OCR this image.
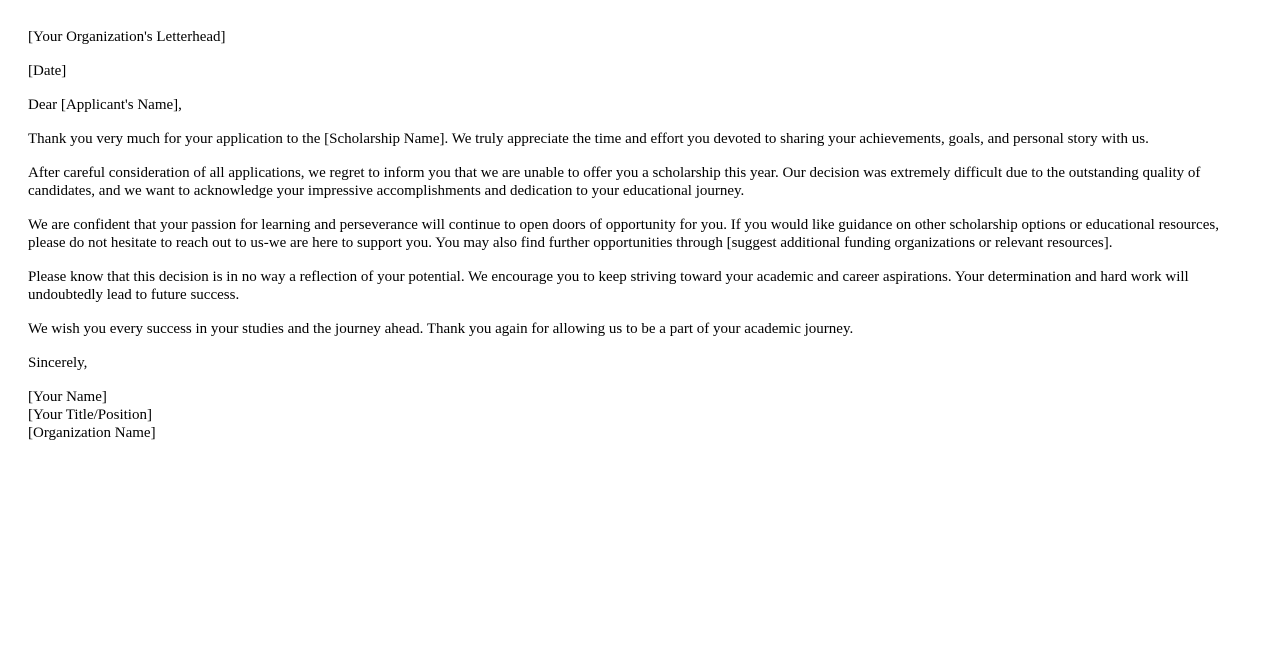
[Your Organization's Letterhead]

[Date]

Dear [Applicant's Name],

Thank you very much for your application to the [Scholarship Name]. We truly appreciate the time and effort you devoted to sharing your achievements, goals, and personal story with us.

After careful consideration of all applications, we regret to inform you that we are unable to offer you a scholarship this year. Our decision was extremely difficult due to the outstanding quality of candidates, and we want to acknowledge your impressive accomplishments and dedication to your educational journey.

We are confident that your passion for learning and perseverance will continue to open doors of opportunity for you. If you would like guidance on other scholarship options or educational resources, please do not hesitate to reach out to us-we are here to support you. You may also find further opportunities through [suggest additional funding organizations or relevant resources].

Please know that this decision is in no way a reflection of your potential. We encourage you to keep striving toward your academic and career aspirations. Your determination and hard work will undoubtedly lead to future success.

We wish you every success in your studies and the journey ahead. Thank you again for allowing us to be a part of your academic journey.

Sincerely,

[Your Name]
[Your Title/Position]
[Organization Name]
